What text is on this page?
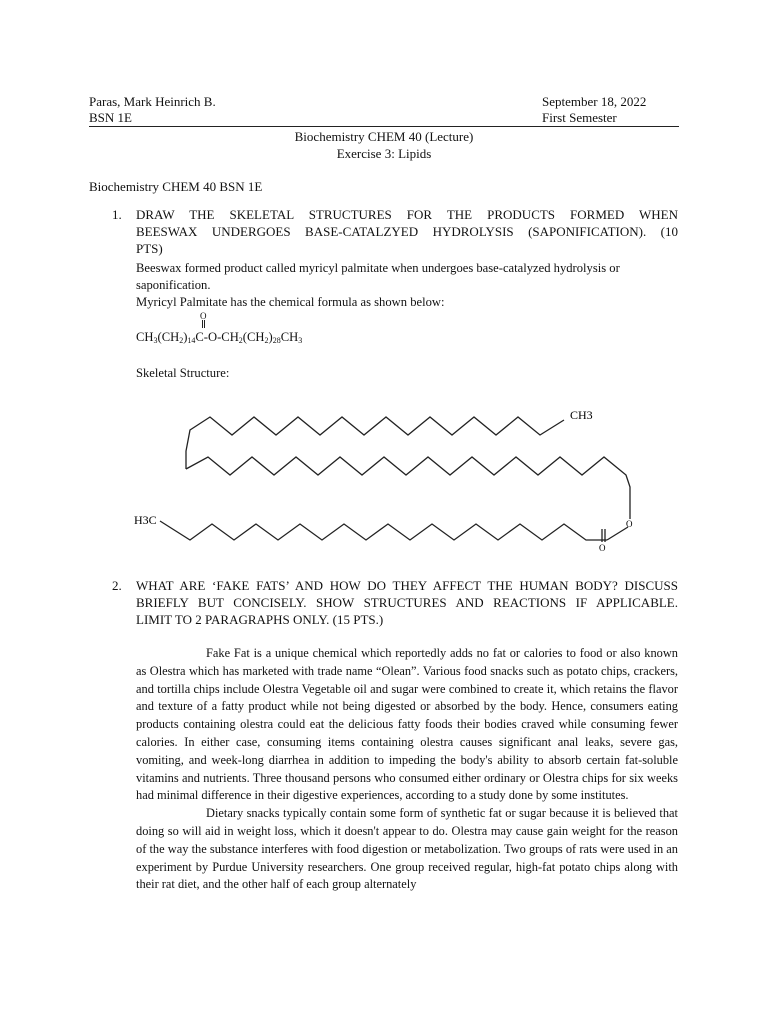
Paras, Mark Heinrich B.
BSN 1E
September 18, 2022
First Semester
Biochemistry CHEM 40 (Lecture)
Exercise 3: Lipids
Biochemistry CHEM 40 BSN 1E
1. DRAW THE SKELETAL STRUCTURES FOR THE PRODUCTS FORMED WHEN
BEESWAX UNDERGOES BASE-CATALZYED HYDROLYSIS (SAPONIFICATION). (10
PTS)
Beeswax formed product called myricyl palmitate when undergoes base-catalyzed hydrolysis or
saponification.
Myricyl Palmitate has the chemical formula as shown below:
O
$CH_3(CH_2)_{14}C-O-CH_2(CH_2)_{28}CH_3$
Skeletal Structure:
CH3
H3C	O
O
2. WHAT ARE ‘FAKE FATS’ AND HOW DO THEY AFFECT THE HUMAN BODY? DISCUSS
BRIEFLY BUT CONCISELY. SHOW STRUCTURES AND REACTIONS IF APPLICABLE.
LIMIT TO 2 PARAGRAPHS ONLY. (15 PTS.)

Fake Fat is a unique chemical which reportedly adds no fat or calories to food or also known as Olestra which has marketed with trade name “Olean”. Various food snacks such as potato chips, crackers, and tortilla chips include Olestra Vegetable oil and sugar were combined to create it, which retains the flavor and texture of a fatty product while not being digested or absorbed by the body. Hence, consumers eating products containing olestra could eat the delicious fatty foods their bodies craved while consuming fewer calories. In either case, consuming items containing olestra causes significant anal leaks, severe gas, vomiting, and week-long diarrhea in addition to impeding the body's ability to absorb certain fat-soluble vitamins and nutrients. Three thousand persons who consumed either ordinary or Olestra chips for six weeks had minimal difference in their digestive experiences, according to a study done by some institutes.

Dietary snacks typically contain some form of synthetic fat or sugar because it is believed that doing so will aid in weight loss, which it doesn't appear to do. Olestra may cause gain weight for the reason of the way the substance interferes with food digestion or metabolization. Two groups of rats were used in an experiment by Purdue University researchers. One group received regular, high-fat potato chips along with their rat diet, and the other half of each group alternately
